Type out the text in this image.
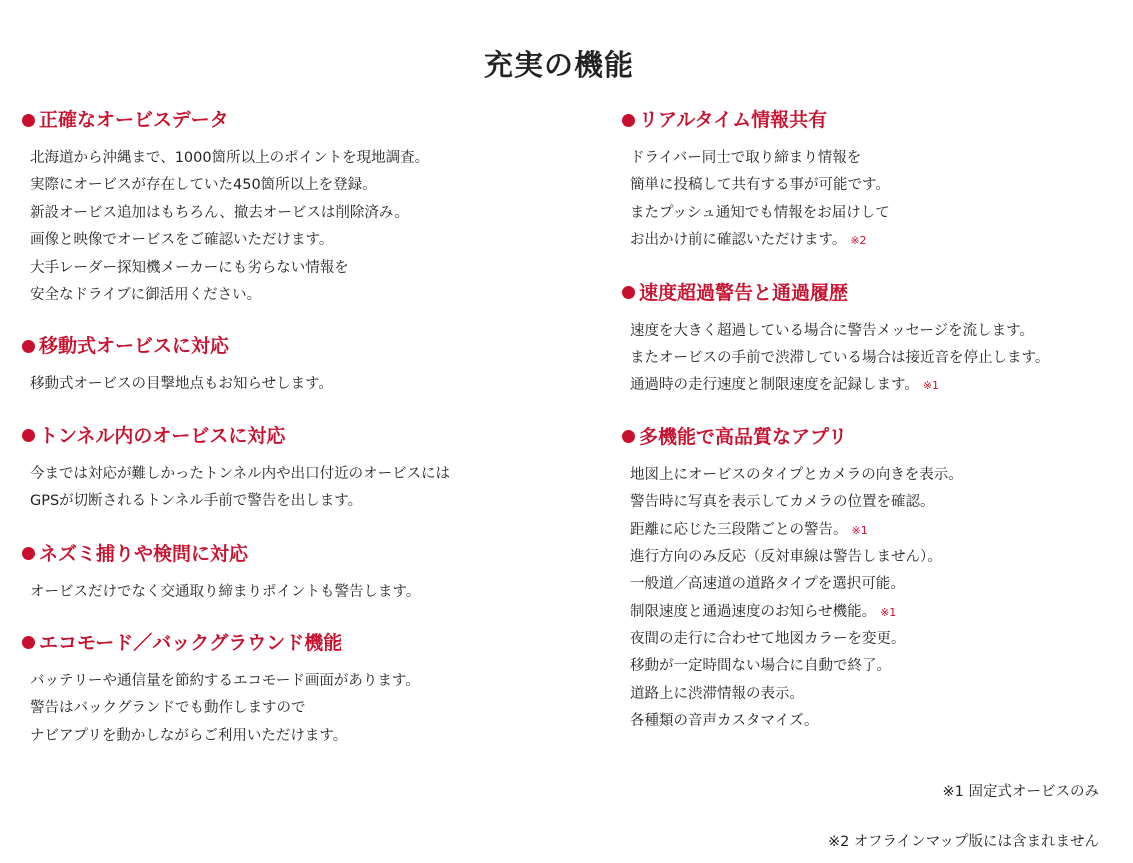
充実の機能
正確なオービスデータ
北海道から沖縄まで、1000箇所以上のポイントを現地調査。
実際にオービスが存在していた450箇所以上を登録。
新設オービス追加はもちろん、撤去オービスは削除済み。
画像と映像でオービスをご確認いただけます。
大手レーダー探知機メーカーにも劣らない情報を
安全なドライブに御活用ください。
移動式オービスに対応
移動式オービスの目撃地点もお知らせします。
トンネル内のオービスに対応
今までは対応が難しかったトンネル内や出口付近のオービスには
GPSが切断されるトンネル手前で警告を出します。
ネズミ捕りや検問に対応
オービスだけでなく交通取り締まりポイントも警告します。
エコモード／バックグラウンド機能
バッテリーや通信量を節約するエコモード画面があります。
警告はバックグランドでも動作しますので
ナビアプリを動かしながらご利用いただけます。
リアルタイム情報共有
ドライバー同士で取り締まり情報を
簡単に投稿して共有する事が可能です。
またプッシュ通知でも情報をお届けして
お出かけ前に確認いただけます。 ※2
速度超過警告と通過履歴
速度を大きく超過している場合に警告メッセージを流します。
またオービスの手前で渋滞している場合は接近音を停止します。
通過時の走行速度と制限速度を記録します。 ※1
多機能で高品質なアプリ
地図上にオービスのタイプとカメラの向きを表示。
警告時に写真を表示してカメラの位置を確認。
距離に応じた三段階ごとの警告。 ※1
進行方向のみ反応（反対車線は警告しません）。
一般道／高速道の道路タイプを選択可能。
制限速度と通過速度のお知らせ機能。 ※1
夜間の走行に合わせて地図カラーを変更。
移動が一定時間ない場合に自動で終了。
道路上に渋滞情報の表示。
各種類の音声カスタマイズ。
※1 固定式オービスのみ
※2 オフラインマップ版には含まれません
